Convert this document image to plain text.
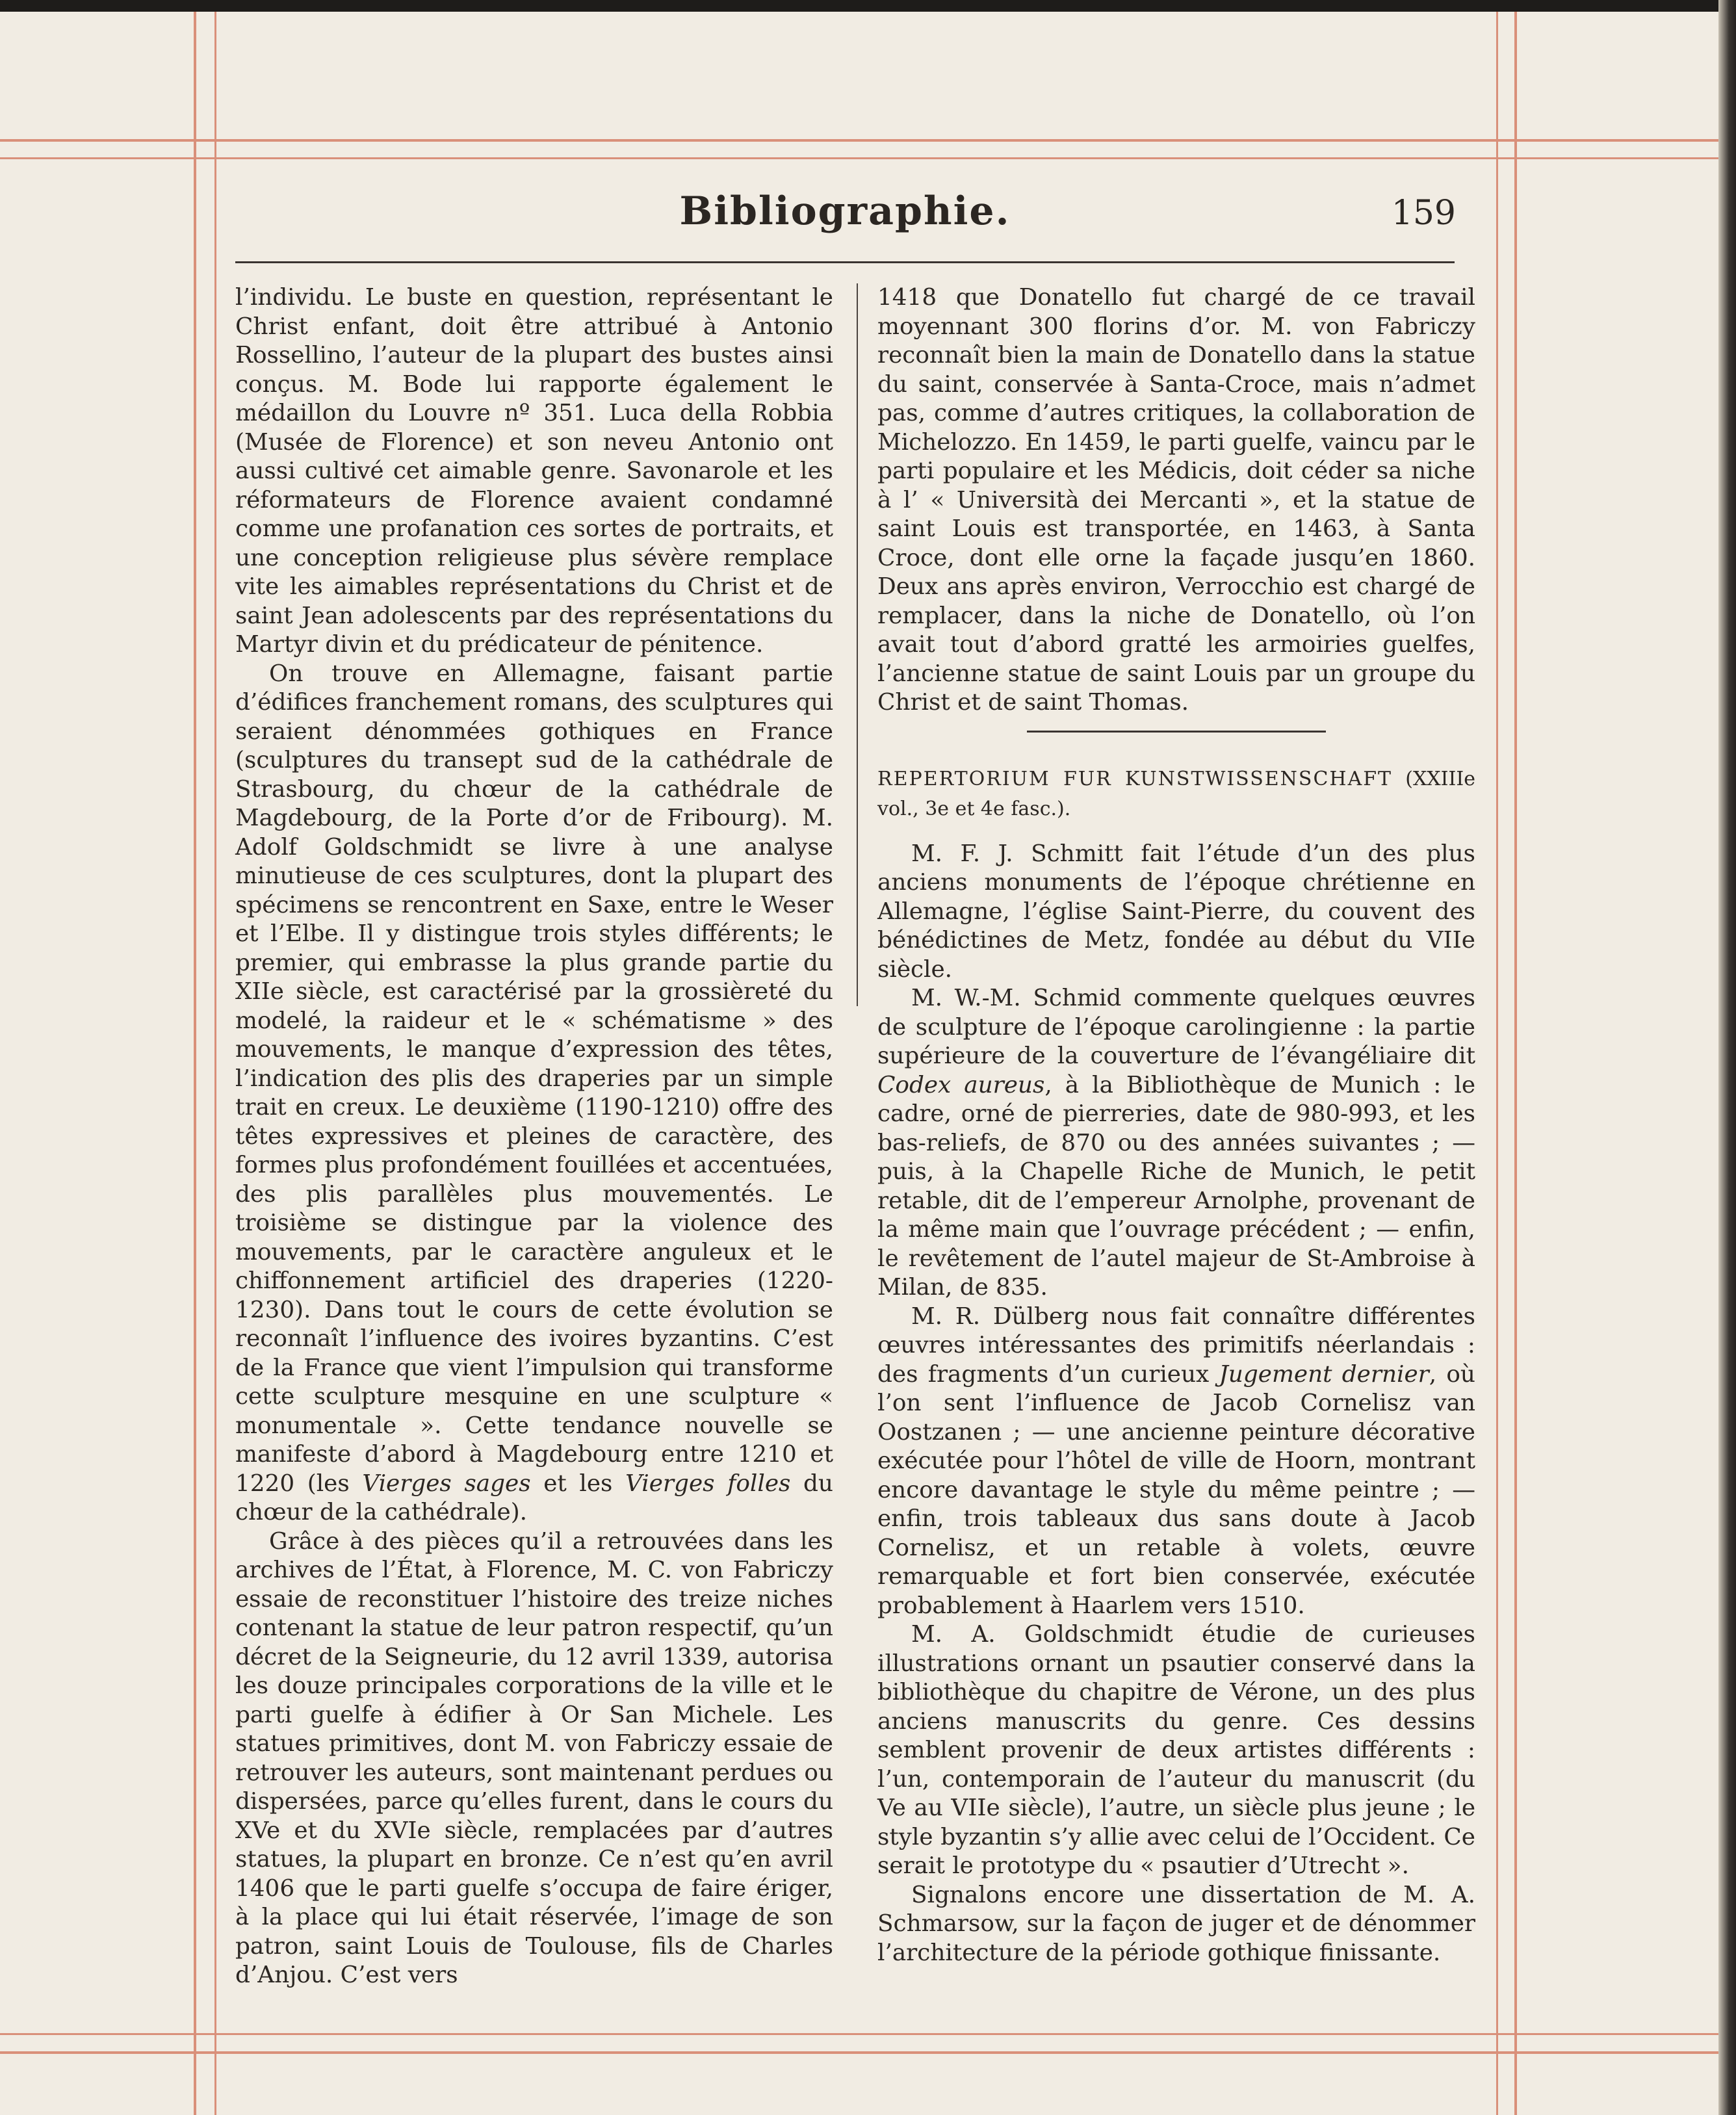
Bibliographie.	159

l’individu. Le buste en question, représentant le Christ enfant, doit être attribué à Antonio Rossellino, l’auteur de la plupart des bustes ainsi conçus. M. Bode lui rapporte également le médaillon du Louvre nº 351. Luca della Robbia (Musée de Florence) et son neveu Antonio ont aussi cultivé cet aimable genre. Savonarole et les réformateurs de Florence avaient condamné comme une profanation ces sortes de portraits, et une conception religieuse plus sévère remplace vite les aimables représentations du Christ et de saint Jean adolescents par des représentations du Martyr divin et du prédicateur de pénitence.

On trouve en Allemagne, faisant partie d’édifices franchement romans, des sculptures qui seraient dénommées gothiques en France (sculptures du transept sud de la cathédrale de Strasbourg, du chœur de la cathédrale de Magdebourg, de la Porte d’or de Fribourg). M. Adolf Goldschmidt se livre à une analyse minutieuse de ces sculptures, dont la plupart des spécimens se rencontrent en Saxe, entre le Weser et l’Elbe. Il y distingue trois styles différents; le premier, qui embrasse la plus grande partie du XIIe siècle, est caractérisé par la grossièreté du modelé, la raideur et le « schématisme » des mouvements, le manque d’expression des têtes, l’indication des plis des draperies par un simple trait en creux. Le deuxième (1190-1210) offre des têtes expressives et pleines de caractère, des formes plus profondément fouillées et accentuées, des plis parallèles plus mouvementés. Le troisième se distingue par la violence des mouvements, par le caractère anguleux et le chiffonnement artificiel des draperies (1220-1230). Dans tout le cours de cette évolution se reconnaît l’influence des ivoires byzantins. C’est de la France que vient l’impulsion qui transforme cette sculpture mesquine en une sculpture « monumentale ». Cette tendance nouvelle se manifeste d’abord à Magdebourg entre 1210 et 1220 (les Vierges sages et les Vierges folles du chœur de la cathédrale).

Grâce à des pièces qu’il a retrouvées dans les archives de l’État, à Florence, M. C. von Fabriczy essaie de reconstituer l’histoire des treize niches contenant la statue de leur patron respectif, qu’un décret de la Seigneurie, du 12 avril 1339, autorisa les douze principales corporations de la ville et le parti guelfe à édifier à Or San Michele. Les statues primitives, dont M. von Fabriczy essaie de retrouver les auteurs, sont maintenant perdues ou dispersées, parce qu’elles furent, dans le cours du XVe et du XVIe siècle, remplacées par d’autres statues, la plupart en bronze. Ce n’est qu’en avril 1406 que le parti guelfe s’occupa de faire ériger, à la place qui lui était réservée, l’image de son patron, saint Louis de Toulouse, fils de Charles d’Anjou. C’est vers

1418 que Donatello fut chargé de ce travail moyennant 300 florins d’or. M. von Fabriczy reconnaît bien la main de Donatello dans la statue du saint, conservée à Santa-Croce, mais n’admet pas, comme d’autres critiques, la collaboration de Michelozzo. En 1459, le parti guelfe, vaincu par le parti populaire et les Médicis, doit céder sa niche à l’ « Università dei Mercanti », et la statue de saint Louis est transportée, en 1463, à Santa Croce, dont elle orne la façade jusqu’en 1860. Deux ans après environ, Verrocchio est chargé de remplacer, dans la niche de Donatello, où l’on avait tout d’abord gratté les armoiries guelfes, l’ancienne statue de saint Louis par un groupe du Christ et de saint Thomas.

REPERTORIUM FUR KUNSTWISSENSCHAFT (XXIIIe vol., 3e et 4e fasc.).

M. F. J. Schmitt fait l’étude d’un des plus anciens monuments de l’époque chrétienne en Allemagne, l’église Saint-Pierre, du couvent des bénédictines de Metz, fondée au début du VIIe siècle.

M. W.-M. Schmid commente quelques œuvres de sculpture de l’époque carolingienne : la partie supérieure de la couverture de l’évangéliaire dit Codex aureus, à la Bibliothèque de Munich : le cadre, orné de pierreries, date de 980-993, et les bas-reliefs, de 870 ou des années suivantes ; — puis, à la Chapelle Riche de Munich, le petit retable, dit de l’empereur Arnolphe, provenant de la même main que l’ouvrage précédent ; — enfin, le revêtement de l’autel majeur de St-Ambroise à Milan, de 835.

M. R. Dülberg nous fait connaître différentes œuvres intéressantes des primitifs néerlandais : des fragments d’un curieux Jugement dernier, où l’on sent l’influence de Jacob Cornelisz van Oostzanen ; — une ancienne peinture décorative exécutée pour l’hôtel de ville de Hoorn, montrant encore davantage le style du même peintre ; — enfin, trois tableaux dus sans doute à Jacob Cornelisz, et un retable à volets, œuvre remarquable et fort bien conservée, exécutée probablement à Haarlem vers 1510.

M. A. Goldschmidt étudie de curieuses illustrations ornant un psautier conservé dans la bibliothèque du chapitre de Vérone, un des plus anciens manuscrits du genre. Ces dessins semblent provenir de deux artistes différents : l’un, contemporain de l’auteur du manuscrit (du Ve au VIIe siècle), l’autre, un siècle plus jeune ; le style byzantin s’y allie avec celui de l’Occident. Ce serait le prototype du « psautier d’Utrecht ».

Signalons encore une dissertation de M. A. Schmarsow, sur la façon de juger et de dénommer l’architecture de la période gothique finissante.
